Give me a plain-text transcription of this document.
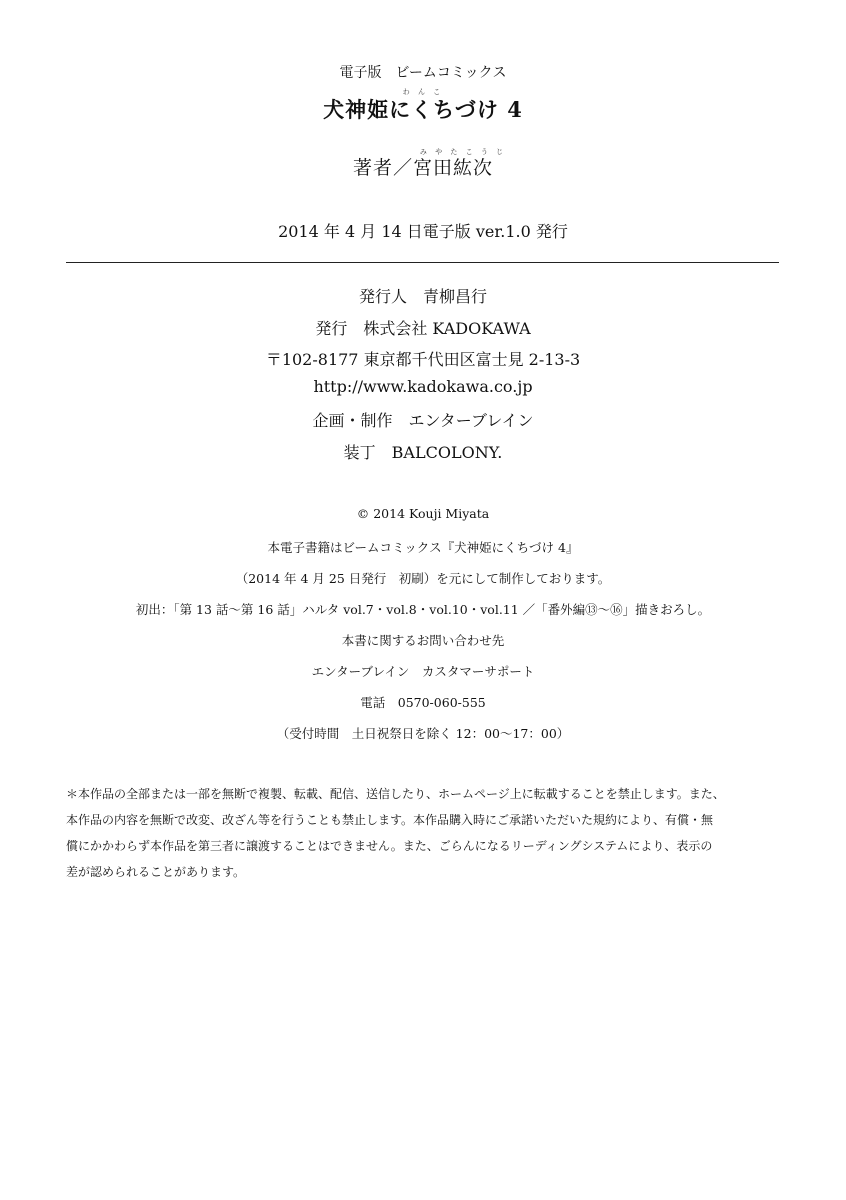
電子版　ビームコミックス
わ ん こ
犬神姫にくちづけ 4
み や た こ う じ
著者／宮田紘次
2014 年 4 月 14 日電子版 ver.1.0 発行
発行人　青柳昌行
発行　株式会社 KADOKAWA
〒102-8177 東京都千代田区富士見 2-13-3
http://www.kadokawa.co.jp
企画・制作　エンターブレイン
装丁　BALCOLONY.
© 2014 Kouji Miyata
本電子書籍はビームコミックス『犬神姫にくちづけ 4』
（2014 年 4 月 25 日発行　初刷）を元にして制作しております。
初出：「第 13 話～第 16 話」ハルタ vol.7・vol.8・vol.10・vol.11 ／「番外編⑬～⑯」描きおろし。
本書に関するお問い合わせ先
エンターブレイン　カスタマーサポート
電話　0570-060-555
（受付時間　土日祝祭日を除く 12：00～17：00）

＊本作品の全部または一部を無断で複製、転載、配信、送信したり、ホームページ上に転載することを禁止します。また、

本作品の内容を無断で改変、改ざん等を行うことも禁止します。本作品購入時にご承諾いただいた規約により、有償・無

償にかかわらず本作品を第三者に譲渡することはできません。また、ごらんになるリーディングシステムにより、表示の

差が認められることがあります。
